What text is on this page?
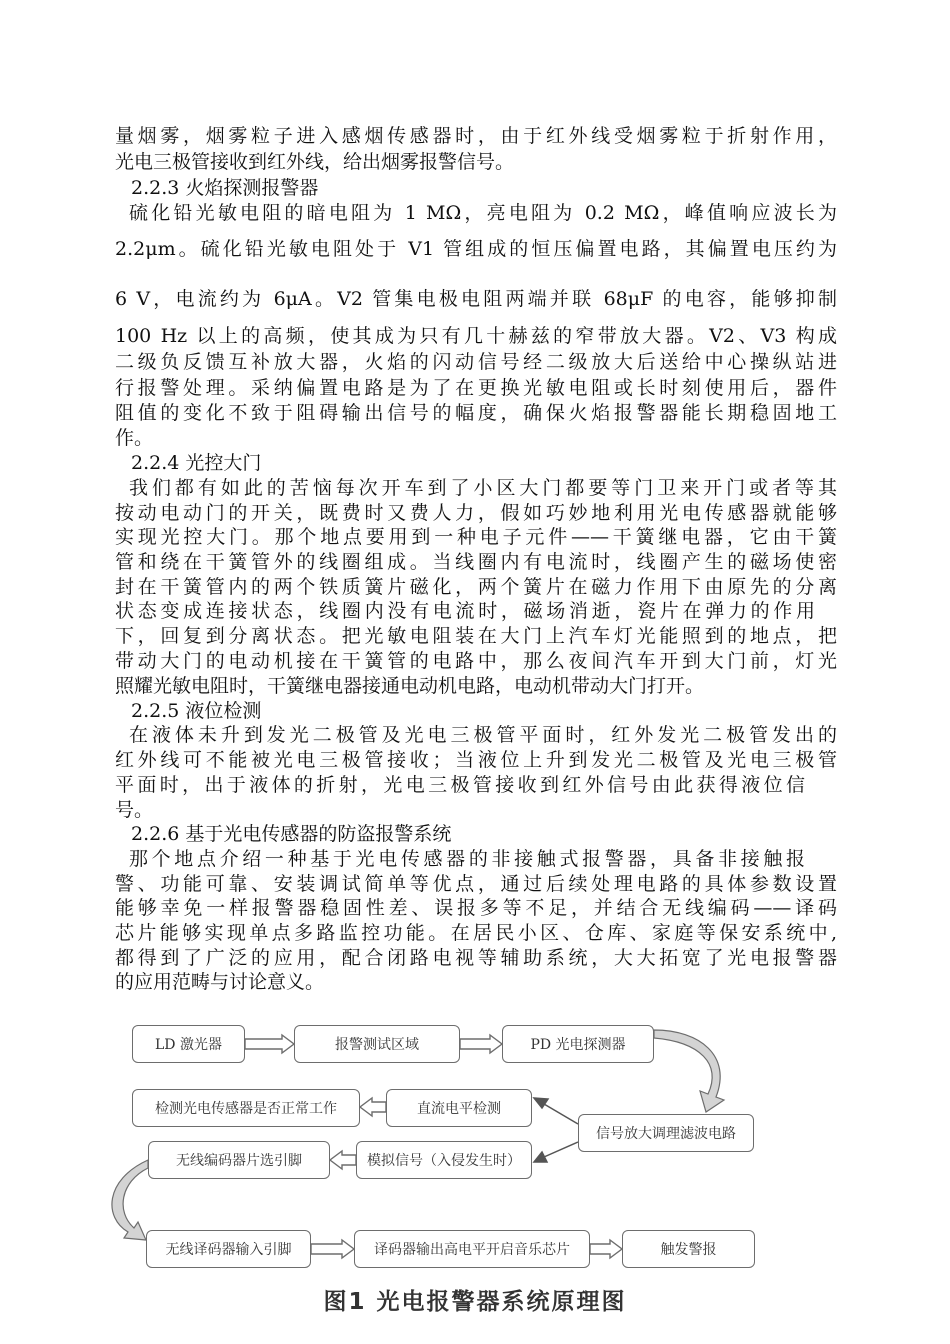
量烟雾，烟雾粒子进入感烟传感器时，由于红外线受烟雾粒于折射作用，
光电三极管接收到红外线，给出烟雾报警信号。
2.2.3 火焰探测报警器
硫化铅光敏电阻的暗电阻为 1 MΩ，亮电阻为 0.2 MΩ，峰值响应波长为
2.2μm。硫化铅光敏电阻处于 V1 管组成的恒压偏置电路，其偏置电压约为
6 V，电流约为 6μA。V2 管集电极电阻两端并联 68μF 的电容，能够抑制
100 Hz 以上的高频，使其成为只有几十赫兹的窄带放大器。V2、V3 构成
二级负反馈互补放大器，火焰的闪动信号经二级放大后送给中心操纵站进
行报警处理。采纳偏置电路是为了在更换光敏电阻或长时刻使用后，器件
阻值的变化不致于阻碍输出信号的幅度，确保火焰报警器能长期稳固地工
作。
2.2.4 光控大门
我们都有如此的苦恼每次开车到了小区大门都要等门卫来开门或者等其
按动电动门的开关，既费时又费人力，假如巧妙地利用光电传感器就能够
实现光控大门。那个地点要用到一种电子元件——干簧继电器，它由干簧
管和绕在干簧管外的线圈组成。当线圈内有电流时，线圈产生的磁场使密
封在干簧管内的两个铁质簧片磁化，两个簧片在磁力作用下由原先的分离
状态变成连接状态，线圈内没有电流时，磁场消逝，瓷片在弹力的作用
下，回复到分离状态。把光敏电阻装在大门上汽车灯光能照到的地点，把
带动大门的电动机接在干簧管的电路中，那么夜间汽车开到大门前，灯光
照耀光敏电阻时，干簧继电器接通电动机电路，电动机带动大门打开。
2.2.5 液位检测
在液体未升到发光二极管及光电三极管平面时，红外发光二极管发出的
红外线可不能被光电三极管接收；当液位上升到发光二极管及光电三极管
平面时，出于液体的折射，光电三极管接收到红外信号由此获得液位信
号。
2.2.6 基于光电传感器的防盗报警系统
那个地点介绍一种基于光电传感器的非接触式报警器，具备非接触报
警、功能可靠、安装调试简单等优点，通过后续处理电路的具体参数设置
能够幸免一样报警器稳固性差、误报多等不足，并结合无线编码——译码
芯片能够实现单点多路监控功能。在居民小区、仓库、家庭等保安系统中,
都得到了广泛的应用，配合闭路电视等辅助系统，大大拓宽了光电报警器
的应用范畴与讨论意义。
LD 激光器	报警测试区域	PD 光电探测器
检测光电传感器是否正常工作	直流电平检测
信号放大调理滤波电路
无线编码器片选引脚	模拟信号（入侵发生时）
无线译码器输入引脚	译码器输出高电平开启音乐芯片	触发警报
图1 光电报警器系统原理图
